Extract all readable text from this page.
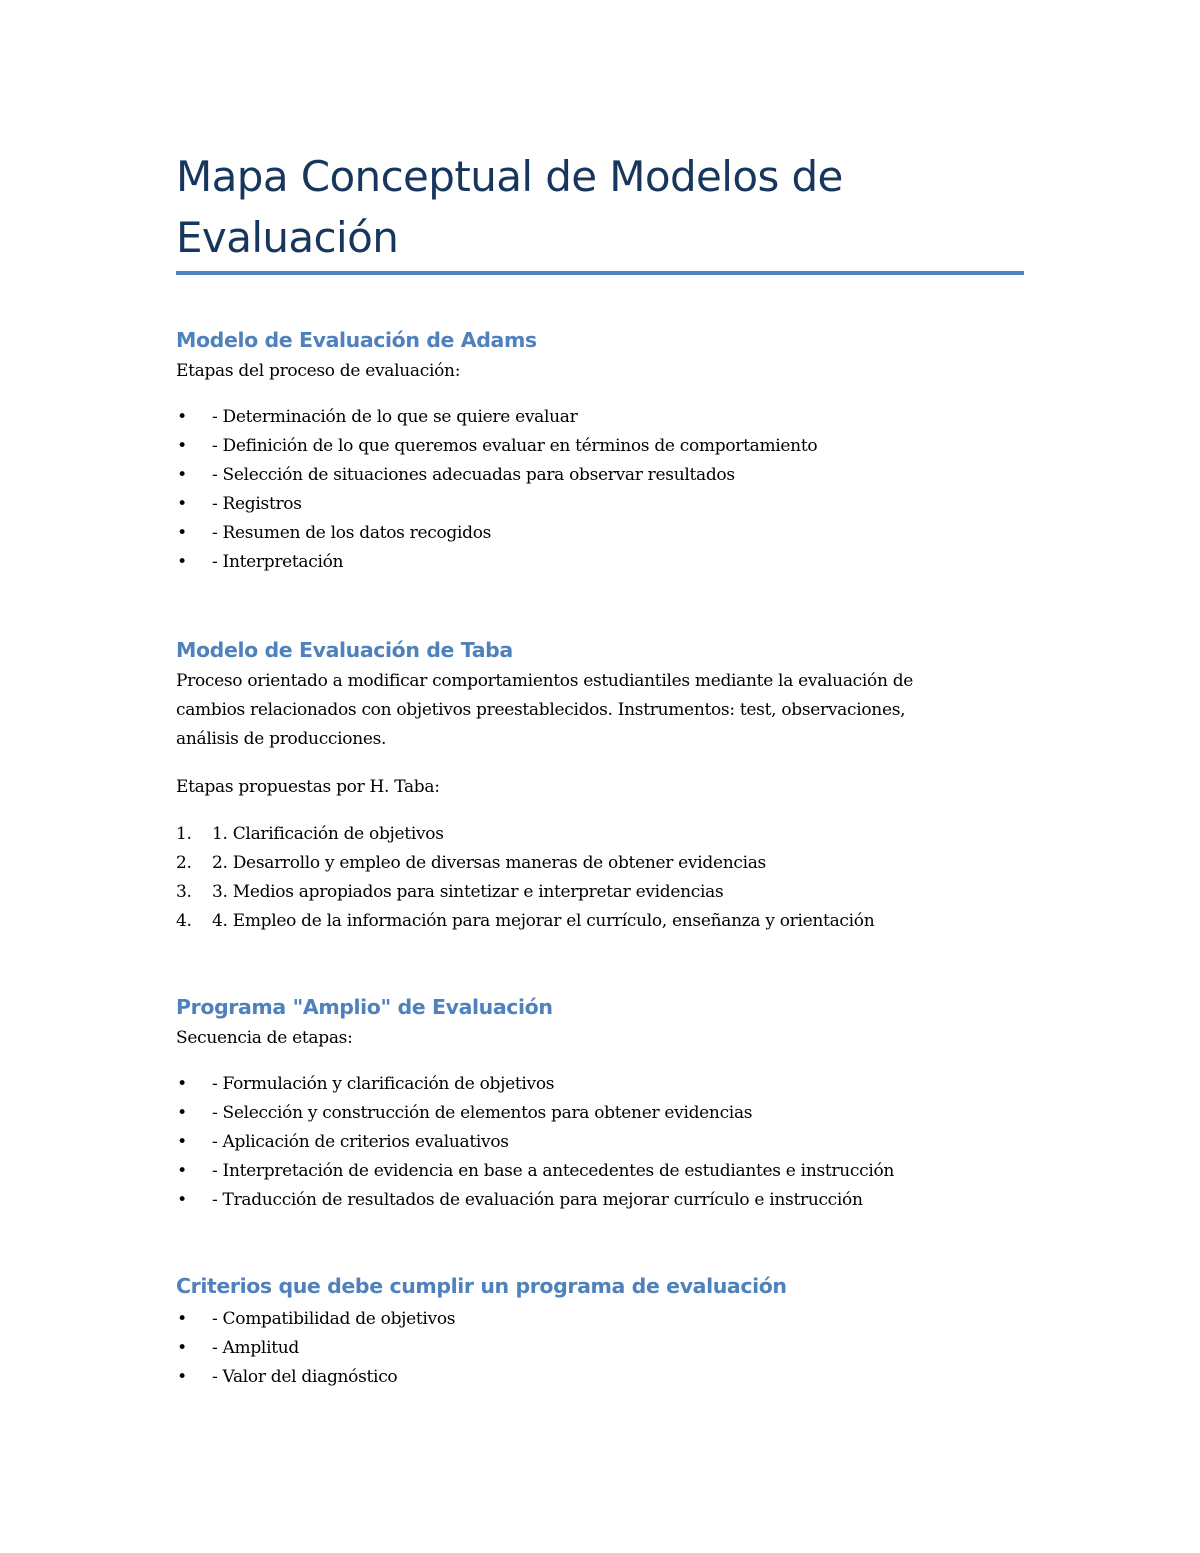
Mapa Conceptual de Modelos de Evaluación
Modelo de Evaluación de Adams

Etapas del proceso de evaluación:

• - Determinación de lo que se quiere evaluar
• - Definición de lo que queremos evaluar en términos de comportamiento
• - Selección de situaciones adecuadas para observar resultados
• - Registros
• - Resumen de los datos recogidos
• - Interpretación
Modelo de Evaluación de Taba

Proceso orientado a modificar comportamientos estudiantiles mediante la evaluación de

cambios relacionados con objetivos preestablecidos. Instrumentos: test, observaciones,

análisis de producciones.

Etapas propuestas por H. Taba:

1.	1. Clarificación de objetivos
2.	2. Desarrollo y empleo de diversas maneras de obtener evidencias
3.	3. Medios apropiados para sintetizar e interpretar evidencias
4.	4. Empleo de la información para mejorar el currículo, enseñanza y orientación
Programa "Amplio" de Evaluación

Secuencia de etapas:

• - Formulación y clarificación de objetivos
• - Selección y construcción de elementos para obtener evidencias
• - Aplicación de criterios evaluativos
• - Interpretación de evidencia en base a antecedentes de estudiantes e instrucción
• - Traducción de resultados de evaluación para mejorar currículo e instrucción
Criterios que debe cumplir un programa de evaluación
• - Compatibilidad de objetivos
• - Amplitud
• - Valor del diagnóstico
